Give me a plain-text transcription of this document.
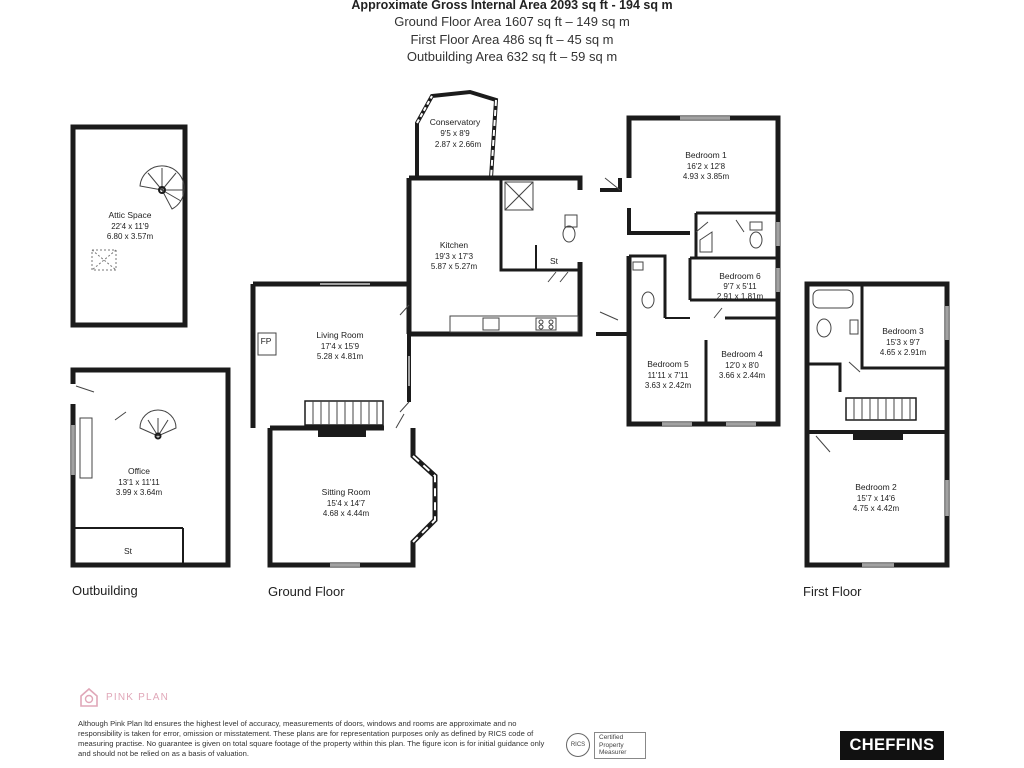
Approximate Gross Internal Area 2093 sq ft - 194 sq m
Ground Floor Area 1607 sq ft – 149 sq m
First Floor Area 486 sq ft – 45 sq m
Outbuilding Area 632 sq ft – 59 sq m
Attic Space
22'4 x 11'9
6.80 x 3.57m
Office
13'1 x 11'11
3.99 x 3.64m
St
Conservatory
9'5 x 8'9
2.87 x 2.66m
Kitchen
19'3 x 17'3
5.87 x 5.27m
St
FP
Living Room
17'4 x 15'9
5.28 x 4.81m
Sitting Room
15'4 x 14'7
4.68 x 4.44m
Bedroom 1
16'2 x 12'8
4.93 x 3.85m
Bedroom 6
9'7 x 5'11
2.91 x 1.81m
Bedroom 5
11'11 x 7'11
3.63 x 2.42m
Bedroom 4
12'0 x 8'0
3.66 x 2.44m
Bedroom 3
15'3 x 9'7
4.65 x 2.91m
Bedroom 2
15'7 x 14'6
4.75 x 4.42m
Outbuilding	Ground Floor	First Floor
PINK PLAN
Although Pink Plan ltd ensures the highest level of accuracy, measurements of doors, windows and rooms are approximate and no responsibility is taken for error, omission or misstatement. These plans are for representation purposes only as defined by RICS code of measuring practise. No guarantee is given on total square footage of the property within this plan. The figure icon is for initial guidance only and should not be relied on as a basis of valuation.
RICS
Certified Property Measurer	CHEFFINS
